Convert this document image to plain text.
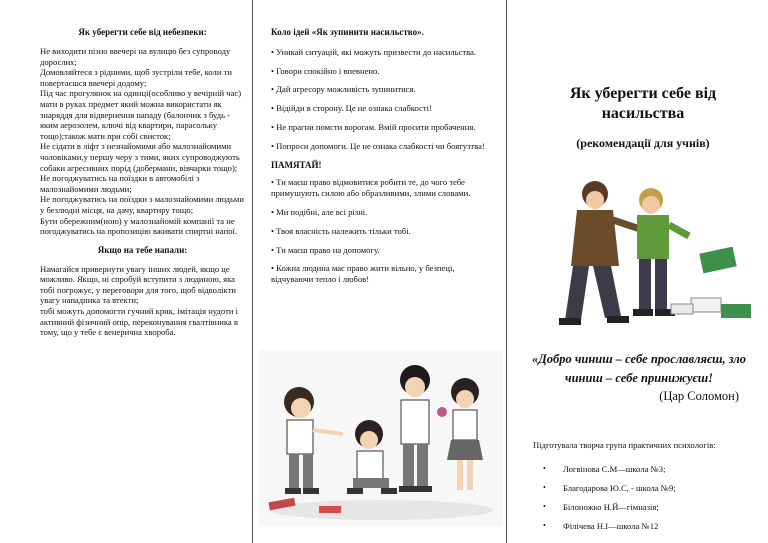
Як уберегти себе від небезпеки:

Не виходити пізно ввечері на вулицю без супроводу дорослих;

Домовляйтеся з рідними, щоб зустріли тебе, коли ти повертаєшся ввечері додому;

Під час прогулянок на одинці(особливо у вечірній час) мати в руках предмет який можна використати як знаряддя для відвернення нападу (балончик з будь - яким аерозолем, ключі від квартири, парасольку тощо);також мати при собі свисток;

Не сідати в ліфт з незнайомими або малознайомими чоловіками,у першу черу з тими, яких супроводжують собаки агресивних порід (добермани, вівчарки тощо);

Не погоджуватись на поїздки в автомобілі з малознайомими людьми;

Не погоджуватись на поїздки з малознайомими людьми у безлюдні місця, на дачу, квартиру тощо;

Бути обережним(ною) у малознайомій компанії та не погоджуватись на пропозицію вживати спиртні напої.

Якщо на тебе напали:

Намагайся привернути увагу інших людей, якщо це можливо. Якщо, ні спробуй вступити з людиною, яка тобі погрожує, у переговори для того, щоб відволікти увагу нападника та втекти;

тобі можуть допомогти гучний крик, імітація нудоти і активний фізичний опір, переконування гвалтівника в тому, що у тебе є венерична хвороба.

Коло ідей «Як зупинити насильство».
• Уникай ситуацій, які можуть призвести до насильства.
• Говори спокійно і впевнено.
• Дай агресору можливість зупинитися.
• Відійди в сторону. Це не ознака слабкості!
• Не прагни помсти ворогам. Вмій просити пробачення.
• Попроси допомоги. Це не ознака слабкості чи боягузтва!
ПАМЯТАЙ!
• Ти маєш право відмовитися робити те, до чого тебе примушують силою або образливими, злими словами.
• Ми подібні, але всі різні.
• Твоя власність належить тільки тобі.
• Ти маєш право на допомогу.
• Кожна людина має право жити вільно, у безпеці, відчуваючи тепло і любов!
Як уберегти себе від насильства
(рекомендації для учнів)
«Добро чиниш – себе прославляєш, зло чиниш – себе принижуєш!
(Цар Соломон)
Підготувала творча група практичних психологів:
•	Логвінова С.М—школа №3;
•	Благодарова Ю.С, - школа №9;
•	Білоножко Н.Й—гімназія;
•	Філічева Н.І—школа №12
